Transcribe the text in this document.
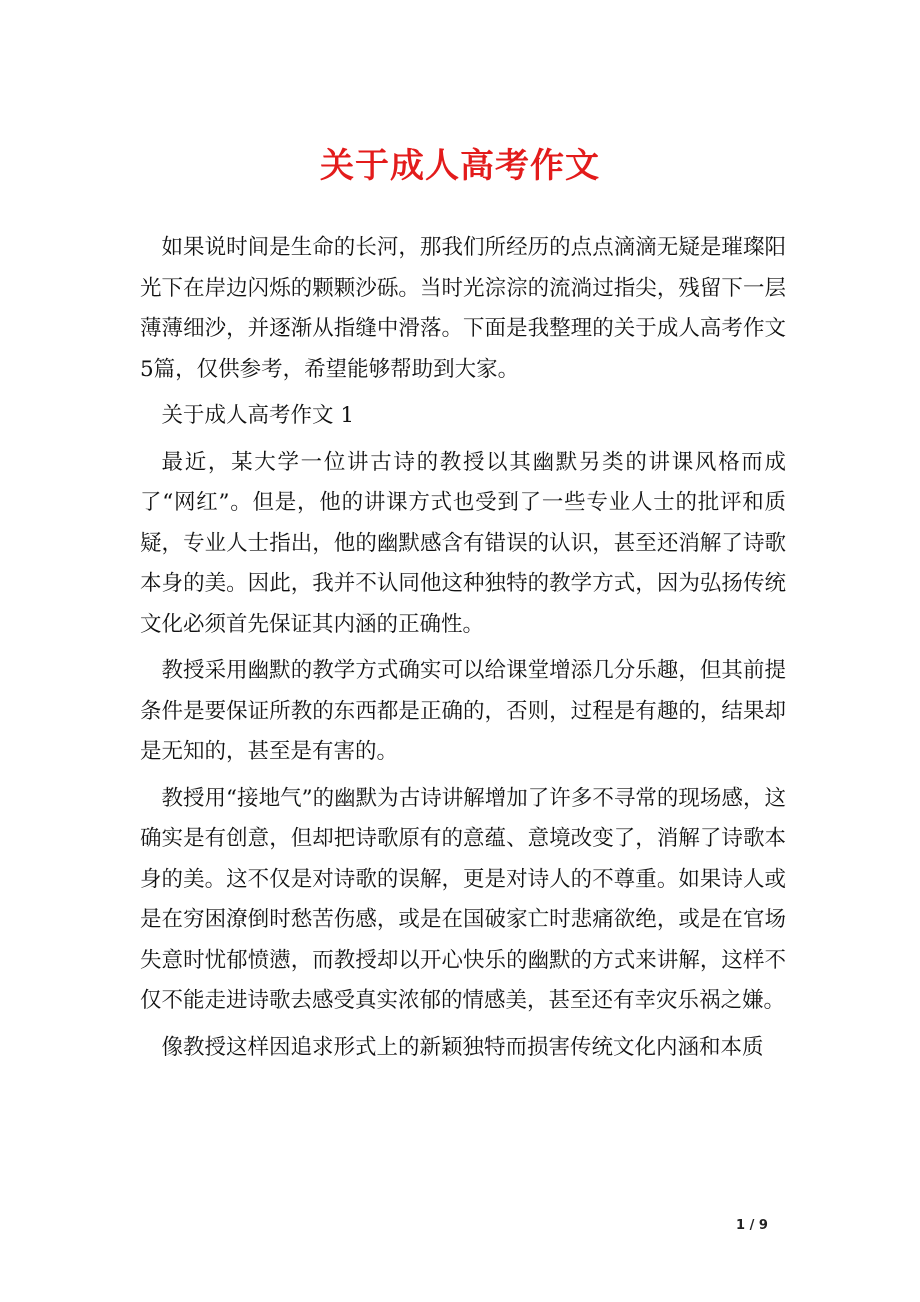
关于成人高考作文

如果说时间是生命的长河，那我们所经历的点点滴滴无疑是璀璨阳光下在岸边闪烁的颗颗沙砾。当时光淙淙的流淌过指尖，残留下一层薄薄细沙，并逐渐从指缝中滑落。下面是我整理的关于成人高考作文5篇，仅供参考，希望能够帮助到大家。

关于成人高考作文 1

最近，某大学一位讲古诗的教授以其幽默另类的讲课风格而成了“网红”。但是，他的讲课方式也受到了一些专业人士的批评和质疑，专业人士指出，他的幽默感含有错误的认识，甚至还消解了诗歌本身的美。因此，我并不认同他这种独特的教学方式，因为弘扬传统文化必须首先保证其内涵的正确性。

教授采用幽默的教学方式确实可以给课堂增添几分乐趣，但其前提条件是要保证所教的东西都是正确的，否则，过程是有趣的，结果却是无知的，甚至是有害的。

教授用“接地气”的幽默为古诗讲解增加了许多不寻常的现场感，这确实是有创意，但却把诗歌原有的意蕴、意境改变了，消解了诗歌本身的美。这不仅是对诗歌的误解，更是对诗人的不尊重。如果诗人或是在穷困潦倒时愁苦伤感，或是在国破家亡时悲痛欲绝，或是在官场失意时忧郁愤懑，而教授却以开心快乐的幽默的方式来讲解，这样不仅不能走进诗歌去感受真实浓郁的情感美，甚至还有幸灾乐祸之嫌。

像教授这样因追求形式上的新颖独特而损害传统文化内涵和本质

1 / 9
